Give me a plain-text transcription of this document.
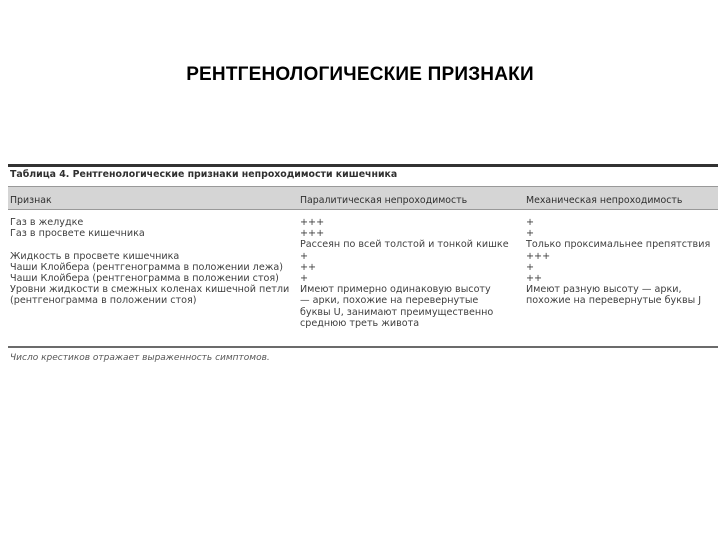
РЕНТГЕНОЛОГИЧЕСКИЕ ПРИЗНАКИ
Таблица 4. Рентгенологические признаки непроходимости кишечника
Признак	Паралитическая непроходимость	Механическая непроходимость
Газ в желудке
Газ в просвете кишечника
Жидкость в просвете кишечника
Чаши Клойбера (рентгенограмма в положении лежа)
Чаши Клойбера (рентгенограмма в положении стоя)
Уровни жидкости в смежных коленах кишечной петли
(рентгенограмма в положении стоя)
+++
+++
Рассеян по всей толстой и тонкой кишке
+
++
+
Имеют примерно одинаковую высоту
— арки, похожие на перевернутые
буквы U, занимают преимущественно
среднюю треть живота
+
+
Только проксимальнее препятствия
+++
+
++
Имеют разную высоту — арки,
похожие на перевернутые буквы J
Число крестиков отражает выраженность симптомов.
